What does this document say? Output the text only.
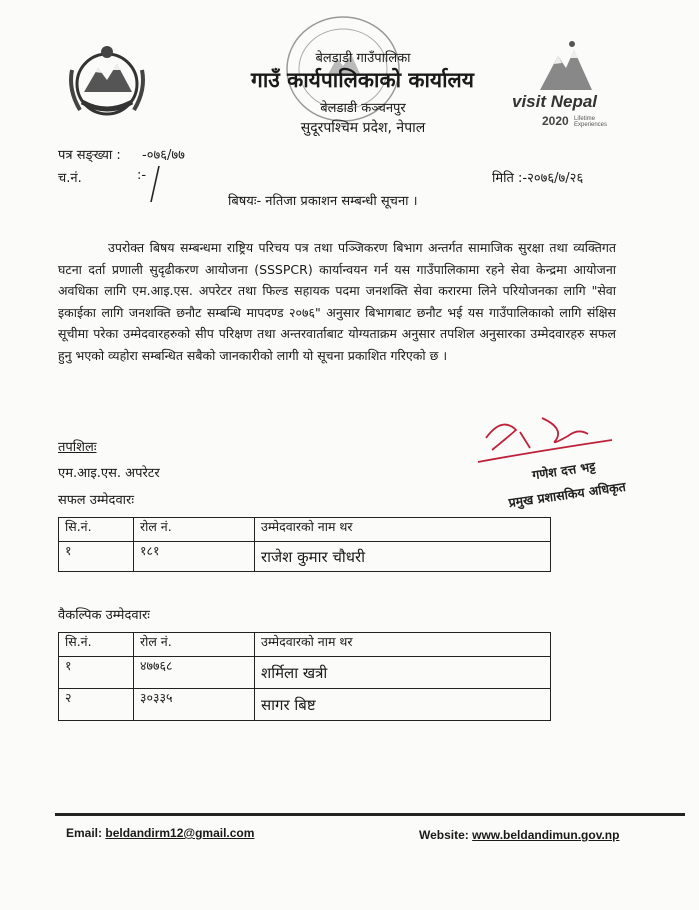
बेलडाडी गाउँपालिका
गाउँ कार्यपालिकाको कार्यालय
बेलडाडी कञ्चनपुर
सुदूरपश्चिम प्रदेश, नेपाल
visit Nepal
2020 Lifetime Experiences
पत्र सङ्ख्या : -०७६/७७
च.नं.	:-	मिति :-२०७६/७/२६
बिषयः- नतिजा प्रकाशन सम्बन्धी सूचना ।
उपरोक्त बिषय सम्बन्धमा राष्ट्रिय परिचय पत्र तथा पञ्जिकरण बिभाग अन्तर्गत सामाजिक सुरक्षा तथा व्यक्तिगत घटना दर्ता प्रणाली सुदृढीकरण आयोजना (SSSPCR) कार्यान्वयन गर्न यस गाउँपालिकामा रहने सेवा केन्द्रमा आयोजना अवधिका लागि एम.आइ.एस. अपरेटर तथा फिल्ड सहायक पदमा जनशक्ति सेवा करारमा लिने परियोजनका लागि "सेवा इकाईका लागि जनशक्ति छनौट सम्बन्धि मापदण्ड २०७६" अनुसार बिभागबाट छनौट भई यस गाउँपालिकाको लागि संक्षिस सूचीमा परेका उम्मेदवारहरुको सीप परिक्षण तथा अन्तरवार्ताबाट योग्यताक्रम अनुसार तपशिल अनुसारका उम्मेदवारहरु सफल हुनु भएको व्यहोरा सम्बन्धित सबैको जानकारीको लागी यो सूचना प्रकाशित गरिएको छ ।
तपशिलः
एम.आइ.एस. अपरेटर	गणेश दत्त भट्ट
प्रमुख प्रशासकिय अधिकृत
सफल उम्मेदवारः
सि.नं.	रोल नं.	उम्मेदवारको नाम थर
१	१८१	राजेश कुमार चौधरी
वैकल्पिक उम्मेदवारः
सि.नं.	रोल नं.	उम्मेदवारको नाम थर
१	४७७६८	शर्मिला खत्री
२	३०३३५	सागर बिष्ट
Email: beldandirm12@gmail.com	Website: www.beldandimun.gov.np
